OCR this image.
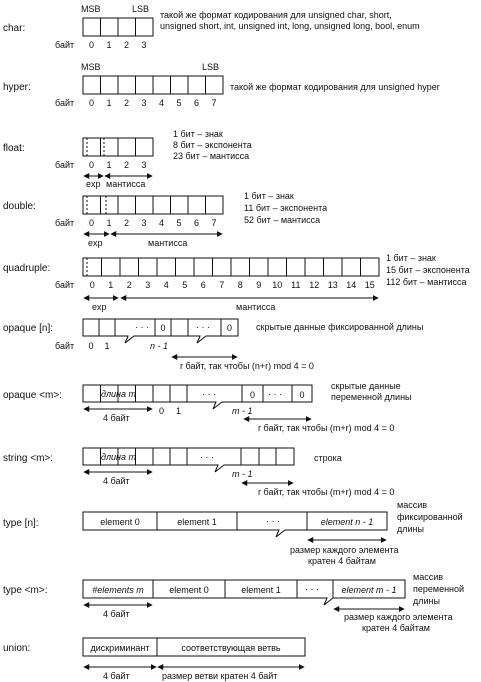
char:
MSB	LSB
байт 0 1 2 3
такой же формат кодирования для unsigned char, short,
unsigned short, int, unsigned int, long, unsigned long, bool, enum
hyper:
MSB	LSB
байт 0 1 2 3 4 5 6 7
такой же формат кодирования для unsigned hyper
float:
байт 0 1 2 3
exp мантисса
1 бит – знак
8 бит – экспонента
23 бит – мантисса
double:
байт 0 1 2 3 4 5 6 7
exp	мантисса
1 бит – знак
11 бит – экспонента
52 бит – мантисса
quadruple:
байт 0 1 2 3 4 5 6 7 8 9 10 11 12 13 14 15
exp	мантисса
1 бит – знак
15 бит – экспонента
112 бит – мантисса
opaque [n]:	· · · 0	· · · 0
байт 0 1	n - 1
скрытые данные фиксированной длины
r байт, так чтобы (n+r) mod 4 = 0
opaque <m>:	длина m	· · ·	0 · · · 0
4 байт
0 1	m - 1
скрытые данные
переменной длины
r байт, так чтобы (m+r) mod 4 = 0
string <m>:	длина m	· · ·
4 байт
m - 1
строка
r байт, так чтобы (m+r) mod 4 = 0
type [n]:	element 0	element 1	· · ·	element n - 1
массив
фиксированной
длины
размер каждого элемента
кратен 4 байтам
type <m>:	#elements m	element 0	element 1	· · · element m - 1
4 байт
массив
переменной
длины
размер каждого элемента
кратен 4 байтам
union:	дискриминант	соответствующая ветвь
4 байт	размер ветви кратен 4 байт
